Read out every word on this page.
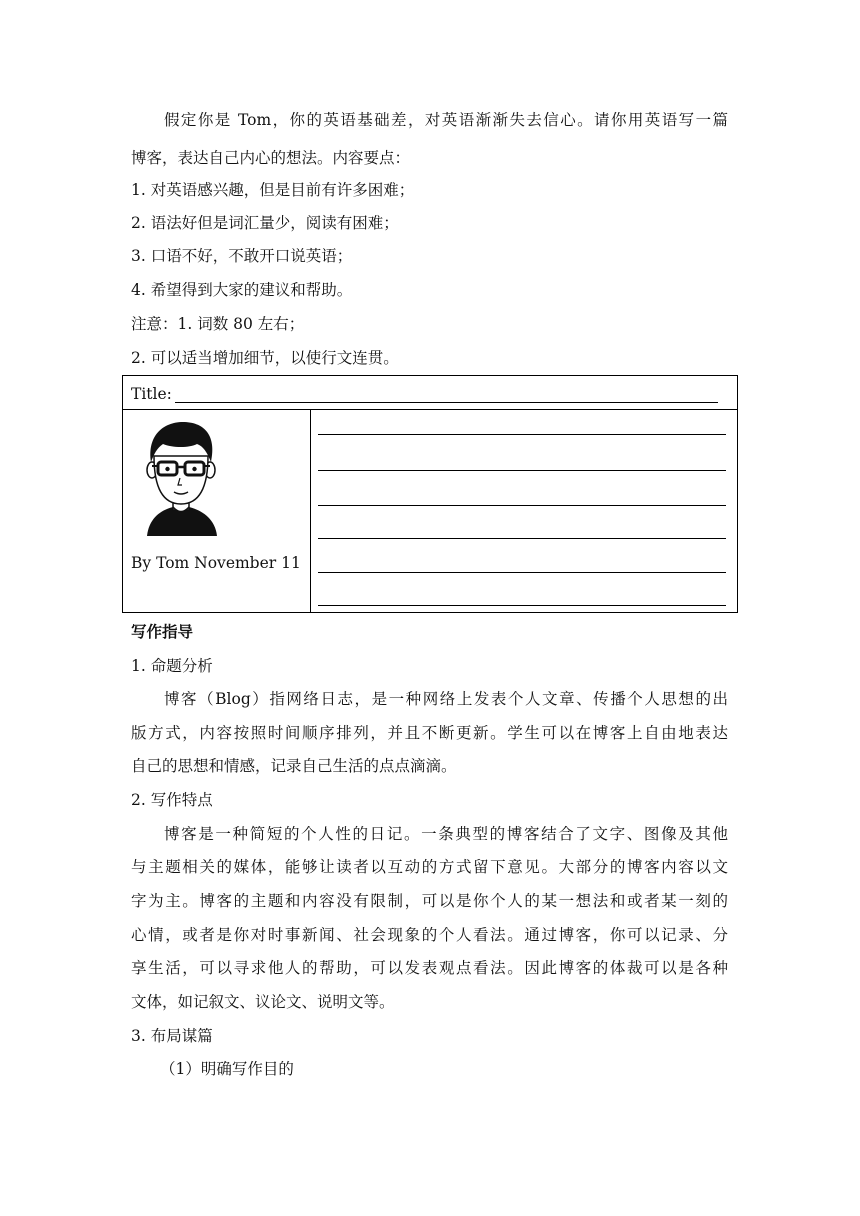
假定你是 Tom，你的英语基础差，对英语渐渐失去信心。请你用英语写一篇
博客，表达自己内心的想法。内容要点：
1. 对英语感兴趣，但是目前有许多困难；
2. 语法好但是词汇量少，阅读有困难；
3. 口语不好，不敢开口说英语；
4. 希望得到大家的建议和帮助。
注意：1. 词数 80 左右；
2. 可以适当增加细节，以使行文连贯。
Title:
By Tom November 11
写作指导
1. 命题分析
博客（Blog）指网络日志，是一种网络上发表个人文章、传播个人思想的出
版方式，内容按照时间顺序排列，并且不断更新。学生可以在博客上自由地表达
自己的思想和情感，记录自己生活的点点滴滴。
2. 写作特点
博客是一种简短的个人性的日记。一条典型的博客结合了文字、图像及其他
与主题相关的媒体，能够让读者以互动的方式留下意见。大部分的博客内容以文
字为主。博客的主题和内容没有限制，可以是你个人的某一想法和或者某一刻的
心情，或者是你对时事新闻、社会现象的个人看法。通过博客，你可以记录、分
享生活，可以寻求他人的帮助，可以发表观点看法。因此博客的体裁可以是各种
文体，如记叙文、议论文、说明文等。
3. 布局谋篇
（1）明确写作目的
